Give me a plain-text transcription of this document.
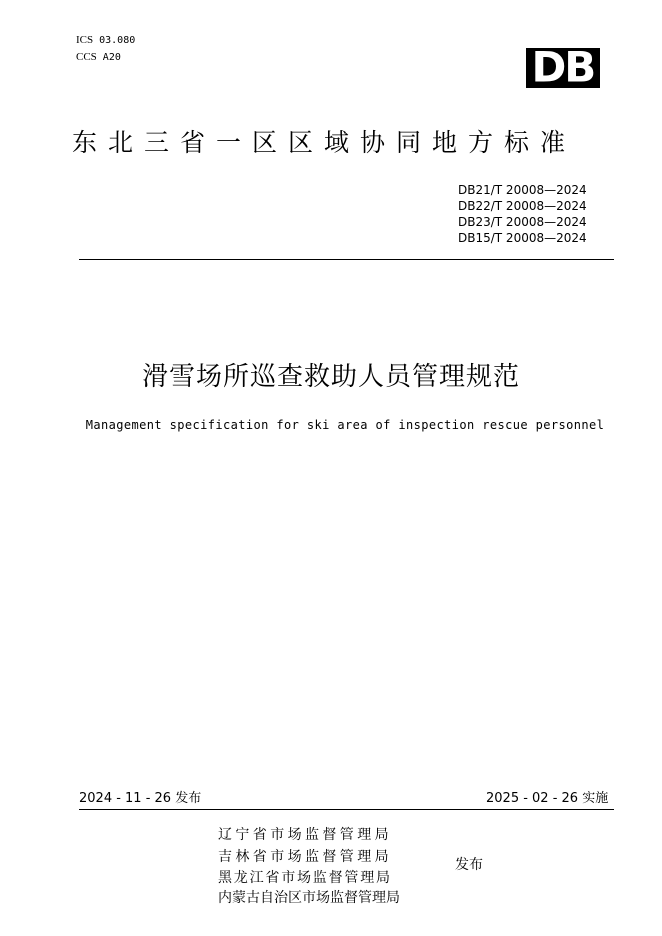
ICS 03.080
CCS A20	DB
东北三省一区区域协同地方标准
DB21/T 20008—2024
DB22/T 20008—2024
DB23/T 20008—2024
DB15/T 20008—2024
滑雪场所巡查救助人员管理规范
Management specification for ski area of inspection rescue personnel
2024 - 11 - 26 发布	2025 - 02 - 26 实施
辽宁省市场监督管理局
吉林省市场监督管理局
黑龙江省市场监督管理局
内蒙古自治区市场监督管理局
发布
